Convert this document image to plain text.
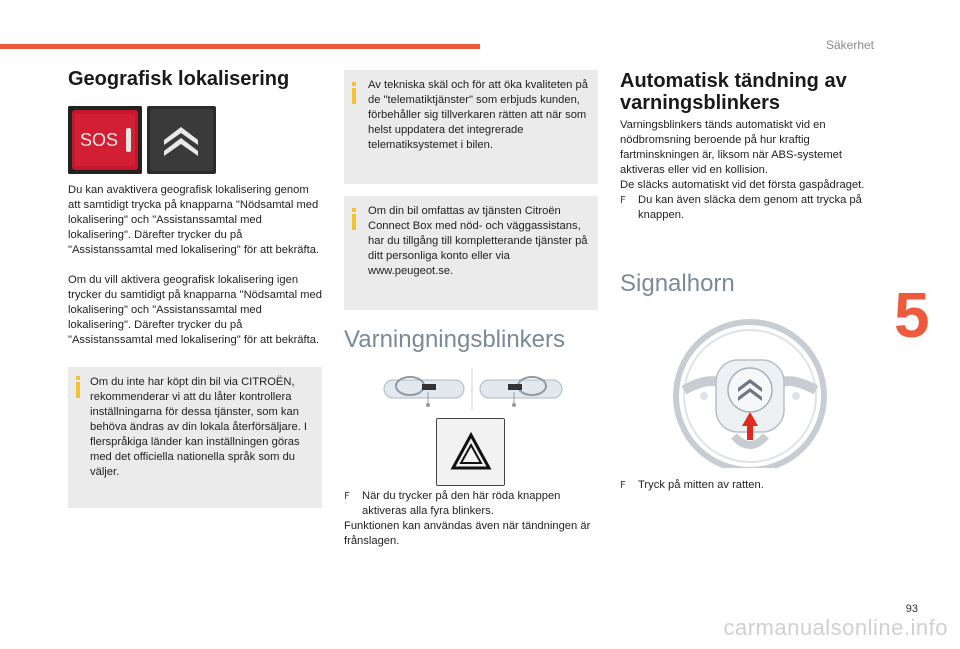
Säkerhet
5
Geografisk lokalisering
SOS
Du kan avaktivera geografisk lokalisering genom att samtidigt trycka på knapparna "Nödsamtal med lokalisering" och "Assistanssamtal med lokalisering". Därefter trycker du på "Assistanssamtal med lokalisering" för att bekräfta.
Om du vill aktivera geografisk lokalisering igen trycker du samtidigt på knapparna "Nödsamtal med lokalisering" och "Assistanssamtal med lokalisering". Därefter trycker du på "Assistanssamtal med lokalisering" för att bekräfta.
Om du inte har köpt din bil via CITROËN, rekommenderar vi att du låter kontrollera inställningarna för dessa tjänster, som kan behöva ändras av din lokala återförsäljare. I flerspråkiga länder kan inställningen göras med det officiella nationella språk som du väljer.
Av tekniska skäl och för att öka kvaliteten på de "telematiktjänster" som erbjuds kunden, förbehåller sig tillverkaren rätten att när som helst uppdatera det integrerade telematiksystemet i bilen.
Om din bil omfattas av tjänsten Citroën Connect Box med nöd- och väggassistans, har du tillgång till kompletterande tjänster på ditt personliga konto eller via www.peugeot.se.
Varningningsblinkers
F	När du trycker på den här röda knappen aktiveras alla fyra blinkers.

Funktionen kan användas även när tändningen är frånslagen.

Automatisk tändning av varningsblinkers

Varningsblinkers tänds automatiskt vid en nödbromsning beroende på hur kraftig fartminskningen är, liksom när ABS-systemet aktiveras eller vid en kollision.

De släcks automatiskt vid det första gaspådraget.

F	Du kan även släcka dem genom att trycka på knappen.
Signalhorn
F	Tryck på mitten av ratten.
93
carmanualsonline.info
